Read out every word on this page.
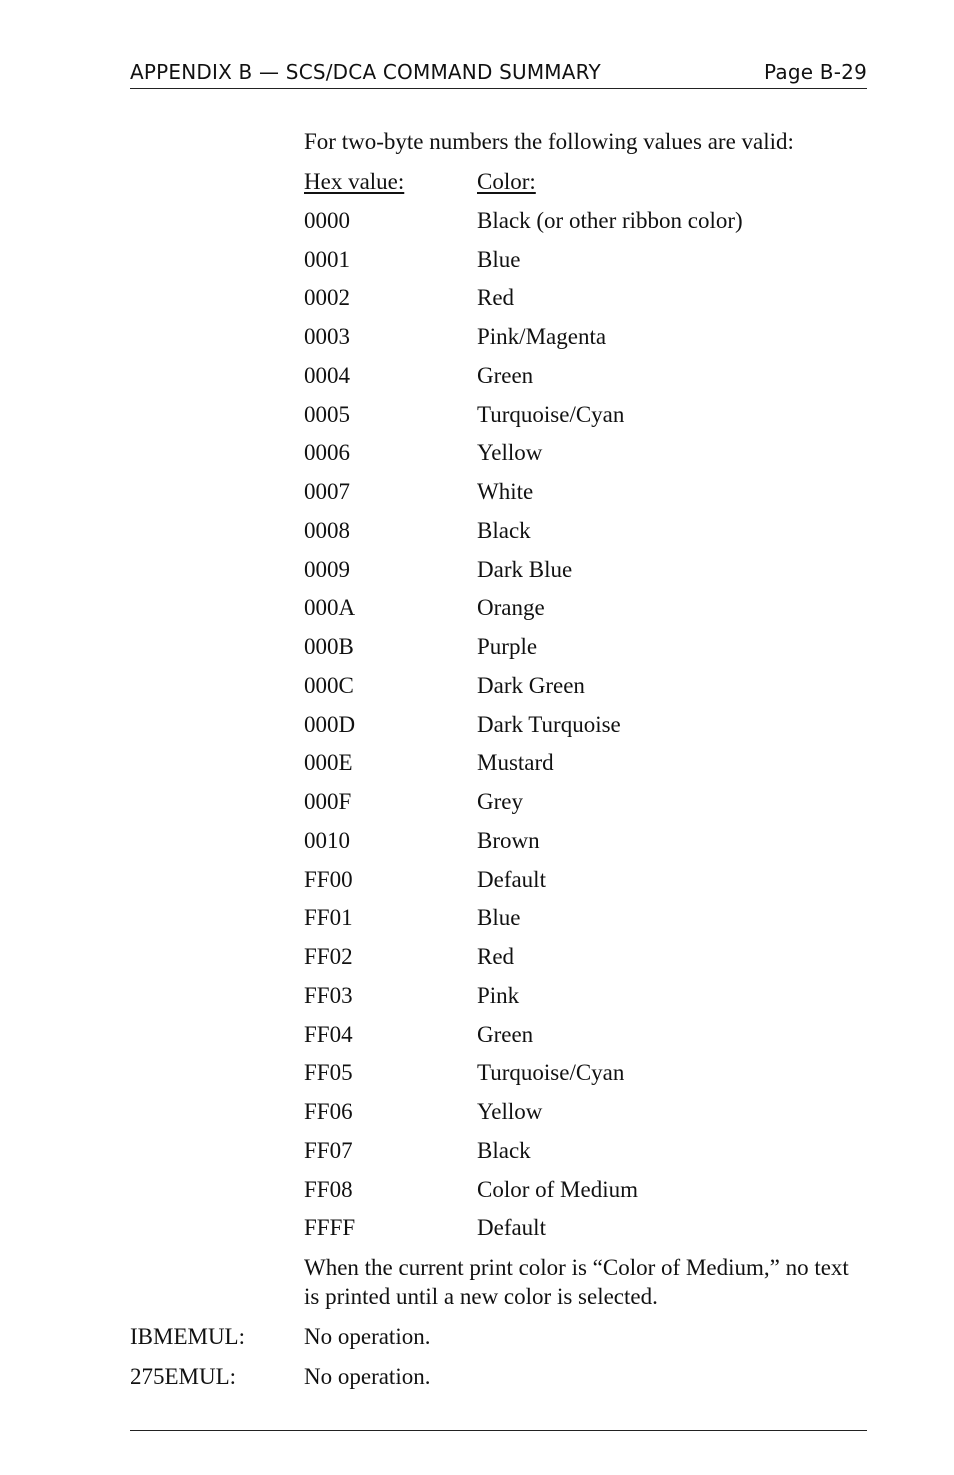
APPENDIX B — SCS/DCA COMMAND SUMMARY	Page B-29
For two-byte numbers the following values are valid:
Hex value:	Color:
0000	Black (or other ribbon color)
0001	Blue
0002	Red
0003	Pink/Magenta
0004	Green
0005	Turquoise/Cyan
0006	Yellow
0007	White
0008	Black
0009	Dark Blue
000A	Orange
000B	Purple
000C	Dark Green
000D	Dark Turquoise
000E	Mustard
000F	Grey
0010	Brown
FF00	Default
FF01	Blue
FF02	Red
FF03	Pink
FF04	Green
FF05	Turquoise/Cyan
FF06	Yellow
FF07	Black
FF08	Color of Medium
FFFF	Default
When the current print color is “Color of Medium,” no text is printed until a new color is selected.
IBMEMUL:	No operation.
275EMUL:	No operation.
